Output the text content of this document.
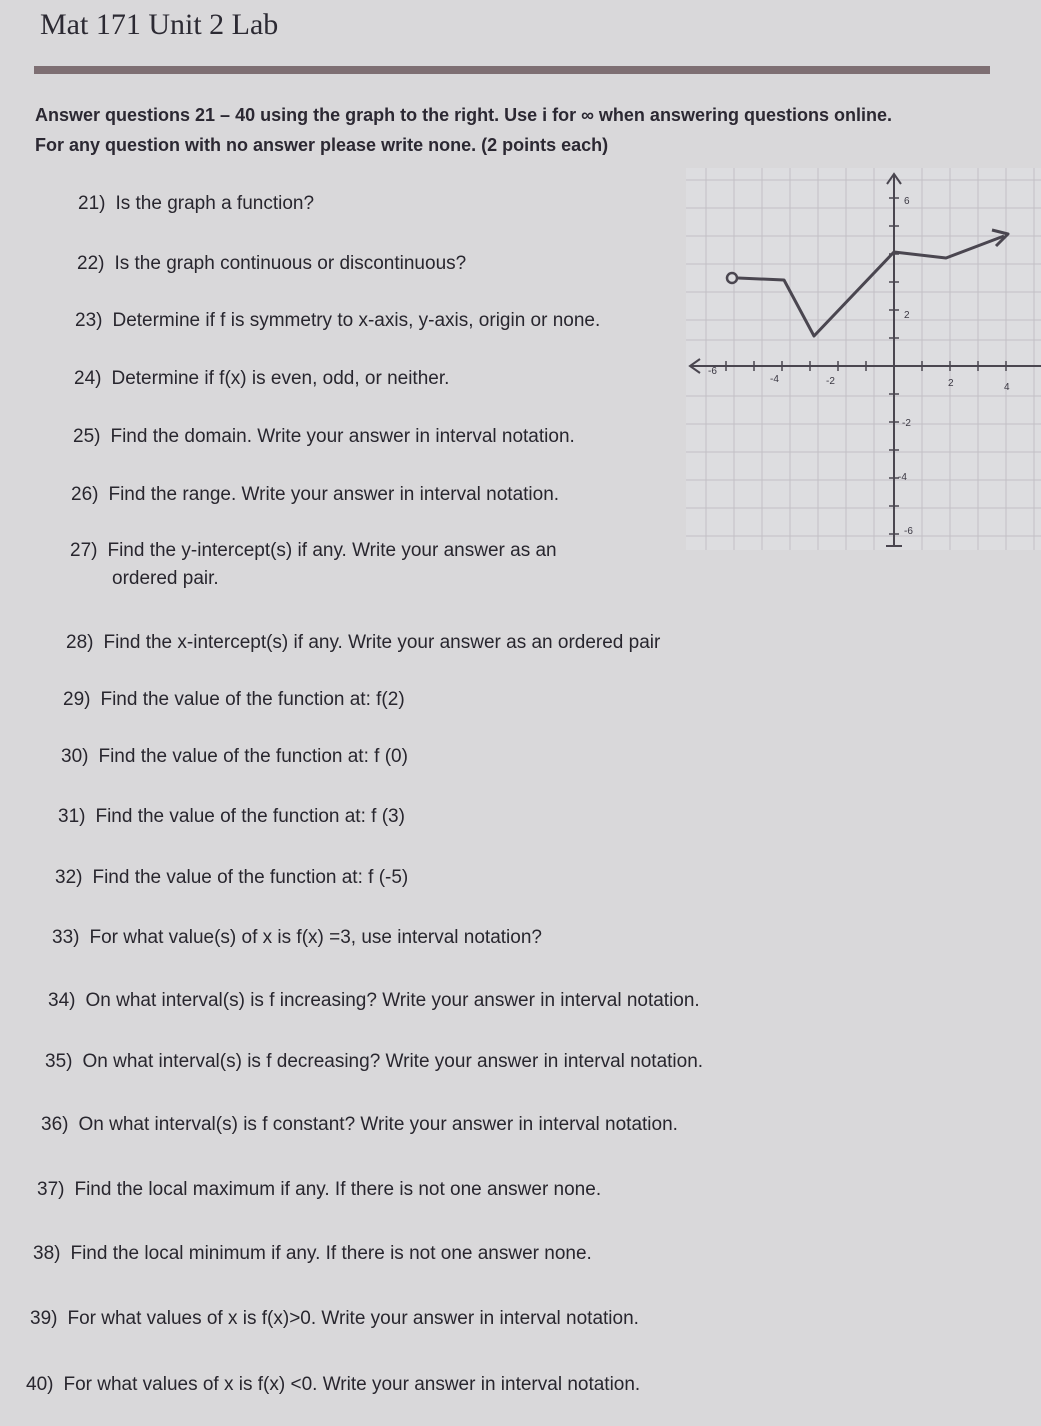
Mat 171 Unit 2 Lab
Answer questions 21 – 40 using the graph to the right. Use i for ∞ when answering questions online.
For any question with no answer please write none. (2 points each)
21) Is the graph a function?
22) Is the graph continuous or discontinuous?
23) Determine if f is symmetry to x-axis, y-axis, origin or none.
24) Determine if f(x) is even, odd, or neither.
25) Find the domain. Write your answer in interval notation.
26) Find the range. Write your answer in interval notation.
27) Find the y-intercept(s) if any. Write your answer as an
ordered pair.
28) Find the x-intercept(s) if any. Write your answer as an ordered pair
29) Find the value of the function at: f(2)
30) Find the value of the function at: f (0)
31) Find the value of the function at: f (3)
32) Find the value of the function at: f (-5)
33) For what value(s) of x is f(x) =3, use interval notation?
34) On what interval(s) is f increasing? Write your answer in interval notation.
35) On what interval(s) is f decreasing? Write your answer in interval notation.
36) On what interval(s) is f constant? Write your answer in interval notation.
37) Find the local maximum if any. If there is not one answer none.
38) Find the local minimum if any. If there is not one answer none.
39) For what values of x is f(x)>0. Write your answer in interval notation.
40) For what values of x is f(x) <0. Write your answer in interval notation.
-6
-4	-2	2	4
6
2
-2
-4
-6
